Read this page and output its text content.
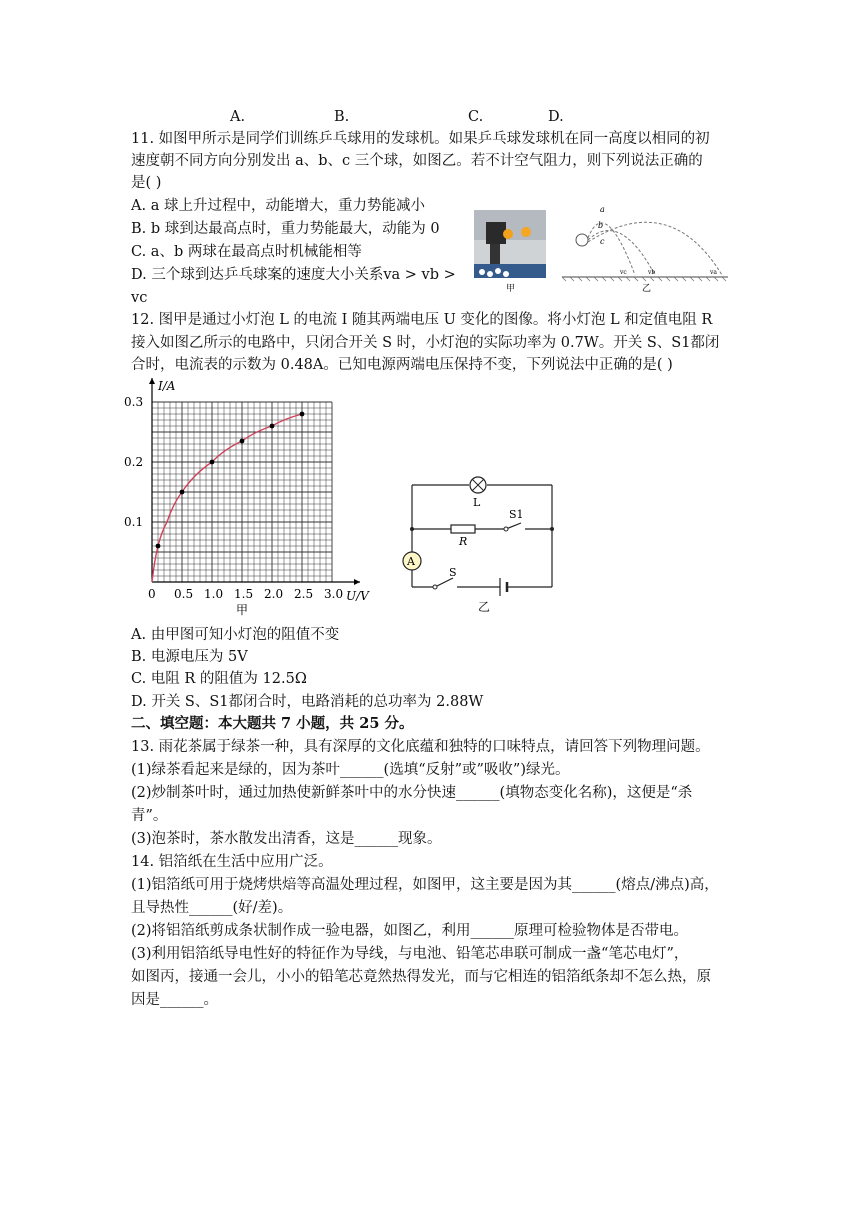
A.	B.	C.	D.
11. 如图甲所示是同学们训练乒乓球用的发球机。如果乒乓球发球机在同一高度以相同的初
速度朝不同方向分别发出 a、b、c 三个球，如图乙。若不计空气阻力，则下列说法正确的
是( )
A. a 球上升过程中，动能增大，重力势能减小
B. b 球到达最高点时，重力势能最大，动能为 0
C. a、b 两球在最高点时机械能相等
D. 三个球到达乒乓球案的速度大小关系va > vb >
vc
甲
a
b
c
vc	vb	va
乙
12. 图甲是通过小灯泡 L 的电流 I 随其两端电压 U 变化的图像。将小灯泡 L 和定值电阻 R
接入如图乙所示的电路中，只闭合开关 S 时，小灯泡的实际功率为 0.7W。开关 S、S1都闭
合时，电流表的示数为 0.48A。已知电源两端电压保持不变，下列说法中正确的是( )
0 0.5 1.0 1.5 2.0 2.5 3.0
0.1
0.2
0.3
U/V
I/A
甲
A
L
R
S1
S
乙
A. 由甲图可知小灯泡的阻值不变
B. 电源电压为 5V
C. 电阻 R 的阻值为 12.5Ω
D. 开关 S、S1都闭合时，电路消耗的总功率为 2.88W
二、填空题：本大题共 7 小题，共 25 分。
13. 雨花茶属于绿茶一种，具有深厚的文化底蕴和独特的口味特点，请回答下列物理问题。
(1)绿茶看起来是绿的，因为茶叶______(选填“反射”或”吸收”)绿光。
(2)炒制茶叶时，通过加热使新鲜茶叶中的水分快速______(填物态变化名称)，这便是“杀
青”。
(3)泡茶时，茶水散发出清香，这是______现象。
14. 铝箔纸在生活中应用广泛。
(1)铝箔纸可用于烧烤烘焙等高温处理过程，如图甲，这主要是因为其______(熔点/沸点)高，
且导热性______(好/差)。
(2)将铝箔纸剪成条状制作成一验电器，如图乙，利用______原理可检验物体是否带电。
(3)利用铝箔纸导电性好的特征作为导线，与电池、铅笔芯串联可制成一盏“笔芯电灯”，
如图丙，接通一会儿，小小的铅笔芯竟然热得发光，而与它相连的铝箔纸条却不怎么热，原
因是______。
